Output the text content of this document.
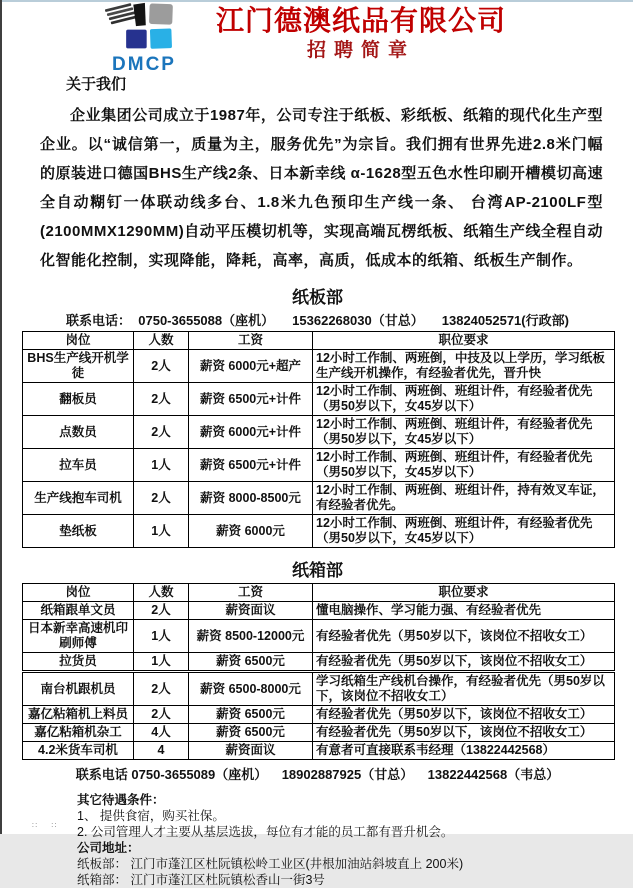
DMCP
江门德澳纸品有限公司
招聘简章
关于我们

企业集团公司成立于1987年，公司专注于纸板、彩纸板、纸箱的现代化生产型企业。以“诚信第一，质量为主，服务优先”为宗旨。我们拥有世界先进2.8米门幅的原装进口德国BHS生产线2条、日本新幸线 α-1628型五色水性印刷开槽模切高速全自动糊钉一体联动线多台、1.8米九色预印生产线一条、 台湾AP-2100LF型(2100MMX1290MM)自动平压模切机等，实现高端瓦楞纸板、纸箱生产线全程自动化智能化控制，实现降能，降耗，高率，高质，低成本的纸箱、纸板生产制作。

纸板部
联系电话：  0750-3655088（座机）     15362268030（甘总）     13824052571(行政部)
岗位	人数	工资	职位要求
BHS生产线开机学徒	2人	薪资 6000元+超产	12小时工作制、两班倒，中技及以上学历，学习纸板生产线开机操作，有经验者优先，晋升快
翻板员	2人	薪资 6500元+计件	12小时工作制、两班倒、班组计件，有经验者优先（男50岁以下，女45岁以下）
点数员	2人	薪资 6000元+计件	12小时工作制、两班倒、班组计件，有经验者优先（男50岁以下，女45岁以下）
拉车员	1人	薪资 6500元+计件	12小时工作制、两班倒、班组计件，有经验者优先（男50岁以下，女45岁以下）
生产线抱车司机	2人	薪资 8000-8500元	12小时工作制、两班倒、班组计件，持有效叉车证，有经验者优先。
垫纸板	1人	薪资 6000元	12小时工作制、两班倒、班组计件，有经验者优先（男50岁以下，女45岁以下）
纸箱部
岗位	人数	工资	职位要求
纸箱跟单文员	2人	薪资面议	懂电脑操作、学习能力强、有经验者优先
日本新幸高速机印刷师傅	1人	薪资 8500-12000元	有经验者优先（男50岁以下，该岗位不招收女工）
拉货员	1人	薪资 6500元	有经验者优先（男50岁以下，该岗位不招收女工）
南台机跟机员	2人	薪资 6500-8000元	学习纸箱生产线机台操作，有经验者优先（男50岁以下，该岗位不招收女工）
嘉亿粘箱机上料员	2人	薪资 6500元	有经验者优先（男50岁以下，该岗位不招收女工）
嘉亿粘箱机杂工	4人	薪资 6500元	有经验者优先（男50岁以下，该岗位不招收女工）
4.2米货车司机	4	薪资面议	有意者可直接联系韦经理（13822442568）
联系电话 0750-3655089（座机）    18902887925（甘总）    13822442568（韦总）
其它待遇条件：
1、 提供食宿，购买社保。
2. 公司管理人才主要从基层选拔，每位有才能的员工都有晋升机会。
公司地址：
纸板部： 江门市蓬江区杜阮镇松岭工业区(井根加油站斜坡直上 200米)
纸箱部： 江门市蓬江区杜阮镇松香山一街3号
∷ ∷
